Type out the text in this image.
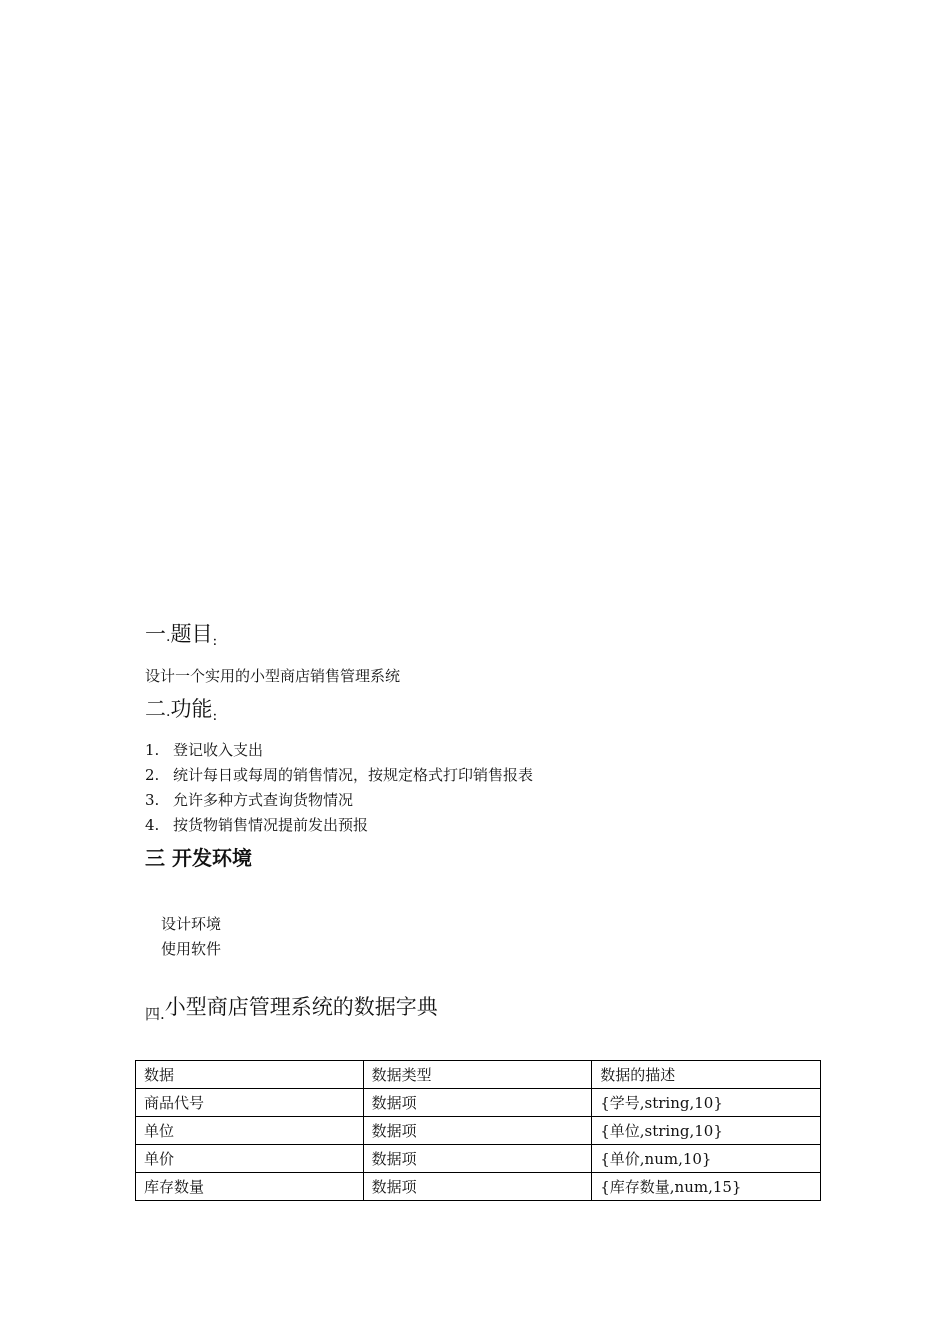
一.题目:
设计一个实用的小型商店销售管理系统
二.功能:
1. 登记收入支出
2. 统计每日或每周的销售情况，按规定格式打印销售报表
3. 允许多种方式查询货物情况
4. 按货物销售情况提前发出预报
三 开发环境
设计环境
使用软件
$_{四.}$小型商店管理系统的数据字典
数据	数据类型	数据的描述
商品代号	数据项	{学号,string,10}
单位	数据项	{单位,string,10}
单价	数据项	{单价,num,10}
库存数量	数据项	{库存数量,num,15}
